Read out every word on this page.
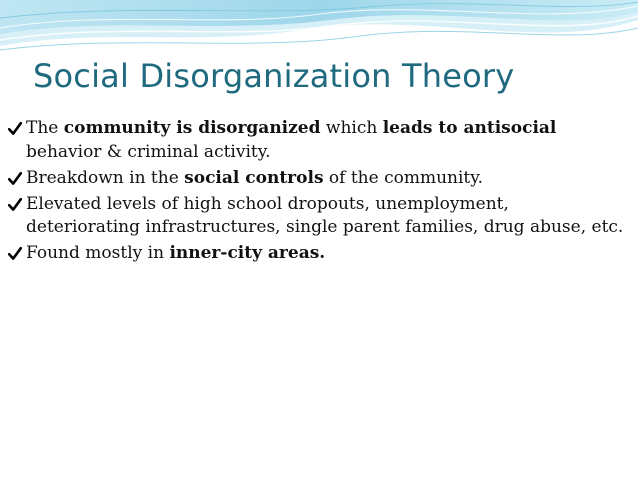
Social Disorganization Theory
The community is disorganized which leads to antisocial behavior & criminal activity.
Breakdown in the social controls of the community.
Elevated levels of high school dropouts, unemployment, deteriorating infrastructures, single parent families, drug abuse, etc.
Found mostly in inner-city areas.
